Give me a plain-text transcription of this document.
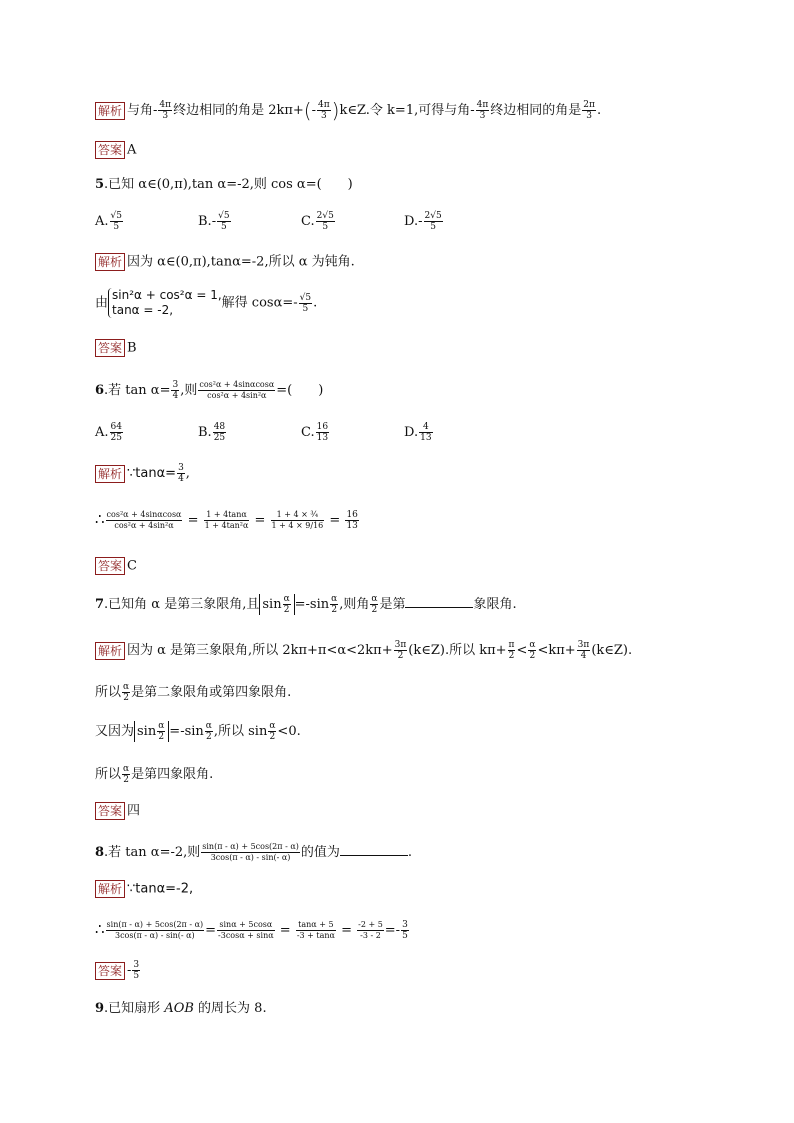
解析 与角- $\frac{4\pi}{3}$ 终边相同的角是 $2k\pi+(- \frac{4\pi}{3}$ )k∈Z.令 k=1,可得与角- $\frac{4\pi}{3}$ 终边相同的角是 $\frac{2\pi}{3}$ .
答案 A
5.已知 α∈(0,π),tan α=-2,则 cos α=(　　)
A. $\frac{√5}{5}$	$B.- \frac{√5}{5}$	C. $\frac{2√5}{5}$	$D.- \frac{2√5}{5}$
解析 因为 α∈(0,π),tanα=-2,所以 α 为钝角.
由
sin²α + cos²α = 1,
tanα = -2,	解得 $\cos\alpha=- \frac{√5}{5}$ .
答案 B
6.若 $\tan \alpha= \frac{3}{4}$ ,则 $\frac{\text{cos²α + 4sinαcosα}}{\text{cos²α + 4sin²α}}$ =(　　)
A. $\frac{64}{25}$	B. $\frac{48}{25}$	C. $\frac{16}{13}$	D. $\frac{4}{13}$
解析 ∵tanα= $\frac{3}{4}$ ,
∴ $\frac{\text{cos²α + 4sinαcosα}}{\text{cos²α + 4sin²α}} = \frac{1 + 4\tan\alpha}{\text{1 + 4tan²α}} = \frac{\text{1 + 4 × ¾}}{1 + 4 \times 9/16} = \frac{16}{13}$
答案 C
7.已知角 α 是第三象限角,且 $\sin \frac{\alpha}{2} =-\sin \frac{\alpha}{2}$ ,则角 $\frac{\alpha}{2}$ 是第	象限角.
解析 因为 α 是第三象限角,所以 $2k\pi+\pi<\alpha<2k\pi+ \frac{3\pi}{2}$ (k∈Z).所以 $k\pi+ \frac{\pi}{2} < \frac{\alpha}{2} <k\pi+ \frac{3\pi}{4}$ (k∈Z).
所以 $\frac{\alpha}{2}$ 是第二象限角或第四象限角.
又因为 $\sin \frac{\alpha}{2} =-\sin \frac{\alpha}{2}$ ,所以 $\sin \frac{\alpha}{2} <0$.
所以 $\frac{\alpha}{2}$ 是第四象限角.
答案 四
8.若 tan α=-2,则 $\frac{\sin(\pi - \alpha) + 5\cos(2\pi - \alpha)}{3\cos(\pi - \alpha) - \sin(- \alpha)}$ 的值为	.
解析 ∵tanα=-2,
∴ $\frac{\sin(\pi - \alpha) + 5\cos(2\pi - \alpha)}{3\cos(\pi - \alpha) - \sin(- \alpha)} = \frac{\sin\alpha + 5\cos\alpha}{-3\cos\alpha + \sin\alpha} = \frac{\tan\alpha + 5}{-3 + \tan\alpha} = \frac{-2 + 5}{-3 - 2} =- \frac{3}{5}$
答案 - $\frac{3}{5}$
9.已知扇形 AOB 的周长为 8.
